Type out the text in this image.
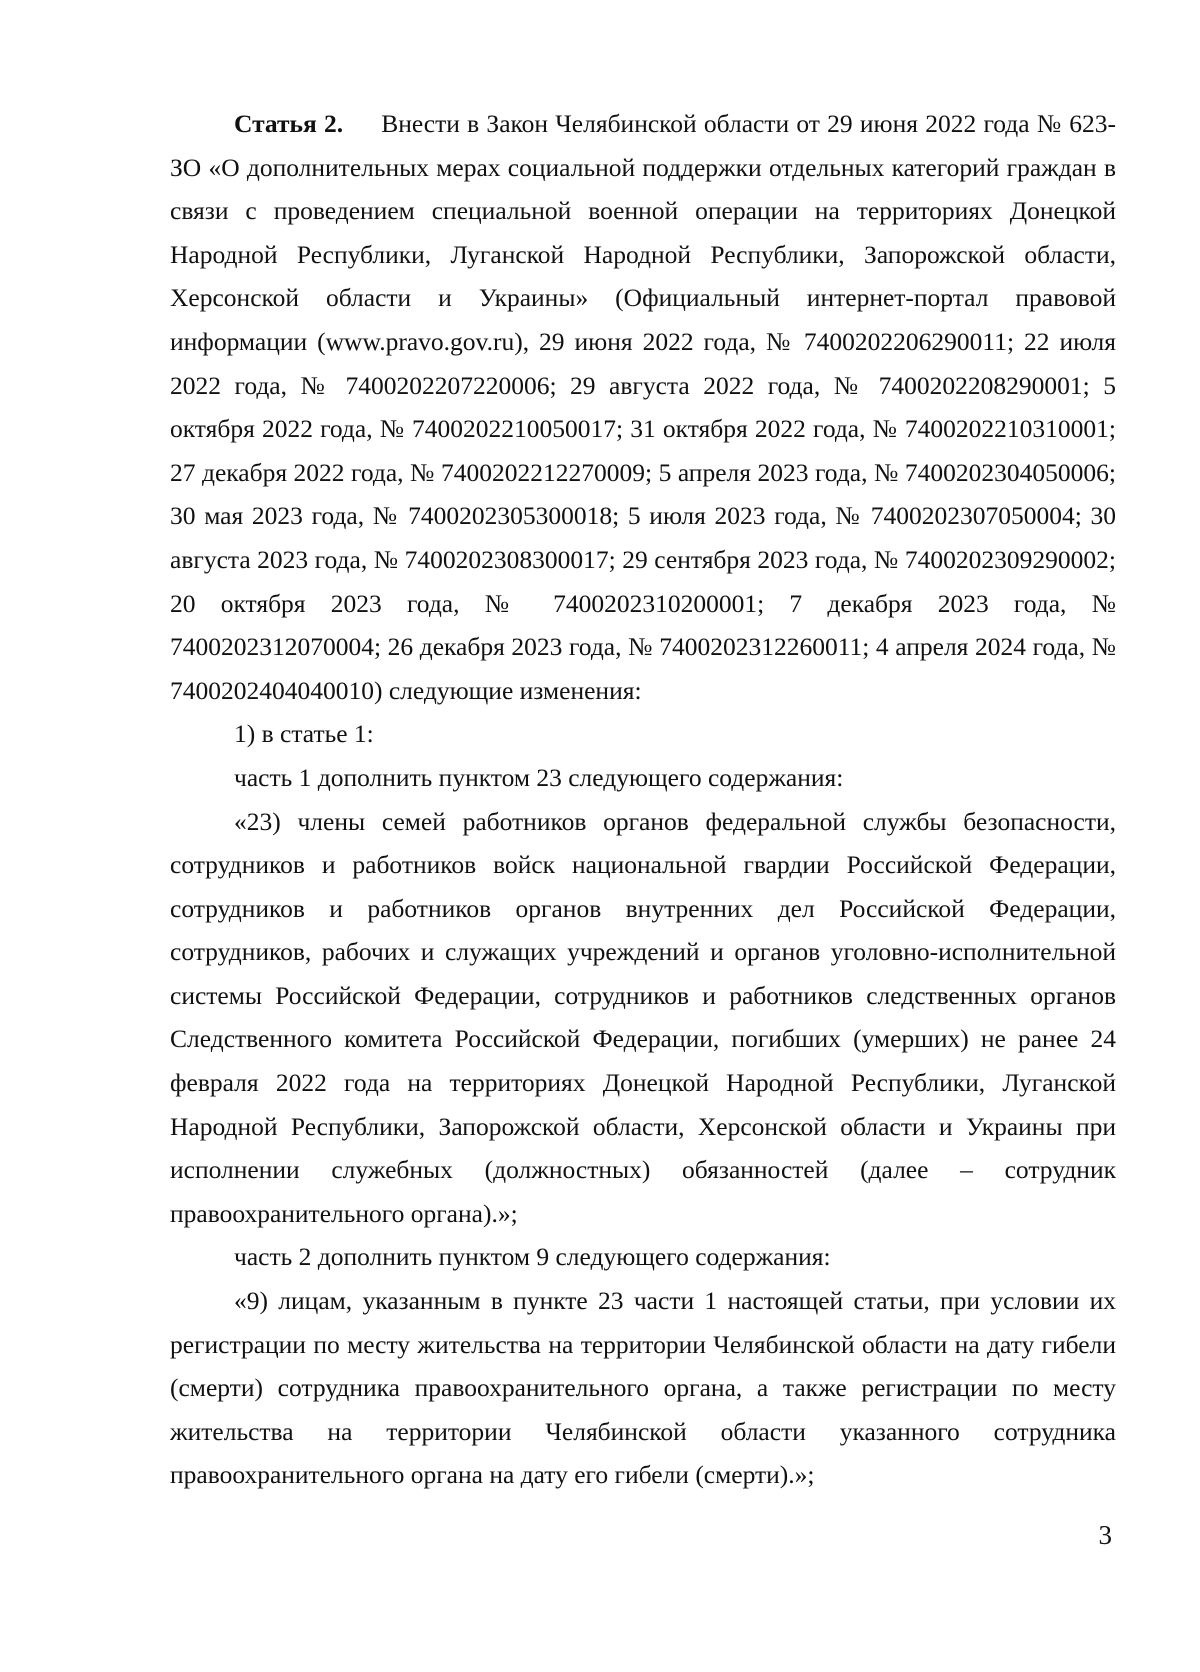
Статья 2. Внести в Закон Челябинской области от 29 июня 2022 года № 623-ЗО «О дополнительных мерах социальной поддержки отдельных категорий граждан в связи с проведением специальной военной операции на территориях Донецкой Народной Республики, Луганской Народной Республики, Запорожской области, Херсонской области и Украины» (Официальный интернет-портал правовой информации (www.pravo.gov.ru), 29 июня 2022 года, № 7400202206290011; 22 июля 2022 года, № 7400202207220006; 29 августа 2022 года, № 7400202208290001; 5 октября 2022 года, № 7400202210050017; 31 октября 2022 года, № 7400202210310001; 27 декабря 2022 года, № 7400202212270009; 5 апреля 2023 года, № 7400202304050006; 30 мая 2023 года, № 7400202305300018; 5 июля 2023 года, № 7400202307050004; 30 августа 2023 года, № 7400202308300017; 29 сентября 2023 года, № 7400202309290002; 20 октября 2023 года, № 7400202310200001; 7 декабря 2023 года, № 7400202312070004; 26 декабря 2023 года, № 7400202312260011; 4 апреля 2024 года, № 7400202404040010) следующие изменения:

1) в статье 1:

часть 1 дополнить пунктом 23 следующего содержания:

«23) члены семей работников органов федеральной службы безопасности, сотрудников и работников войск национальной гвардии Российской Федерации, сотрудников и работников органов внутренних дел Российской Федерации, сотрудников, рабочих и служащих учреждений и органов уголовно-исполнительной системы Российской Федерации, сотрудников и работников следственных органов Следственного комитета Российской Федерации, погибших (умерших) не ранее 24 февраля 2022 года на территориях Донецкой Народной Республики, Луганской Народной Республики, Запорожской области, Херсонской области и Украины при исполнении служебных (должностных) обязанностей (далее – сотрудник правоохранительного органа).»;

часть 2 дополнить пунктом 9 следующего содержания:

«9) лицам, указанным в пункте 23 части 1 настоящей статьи, при условии их регистрации по месту жительства на территории Челябинской области на дату гибели (смерти) сотрудника правоохранительного органа, а также регистрации по месту жительства на территории Челябинской области указанного сотрудника правоохранительного органа на дату его гибели (смерти).»;

3
